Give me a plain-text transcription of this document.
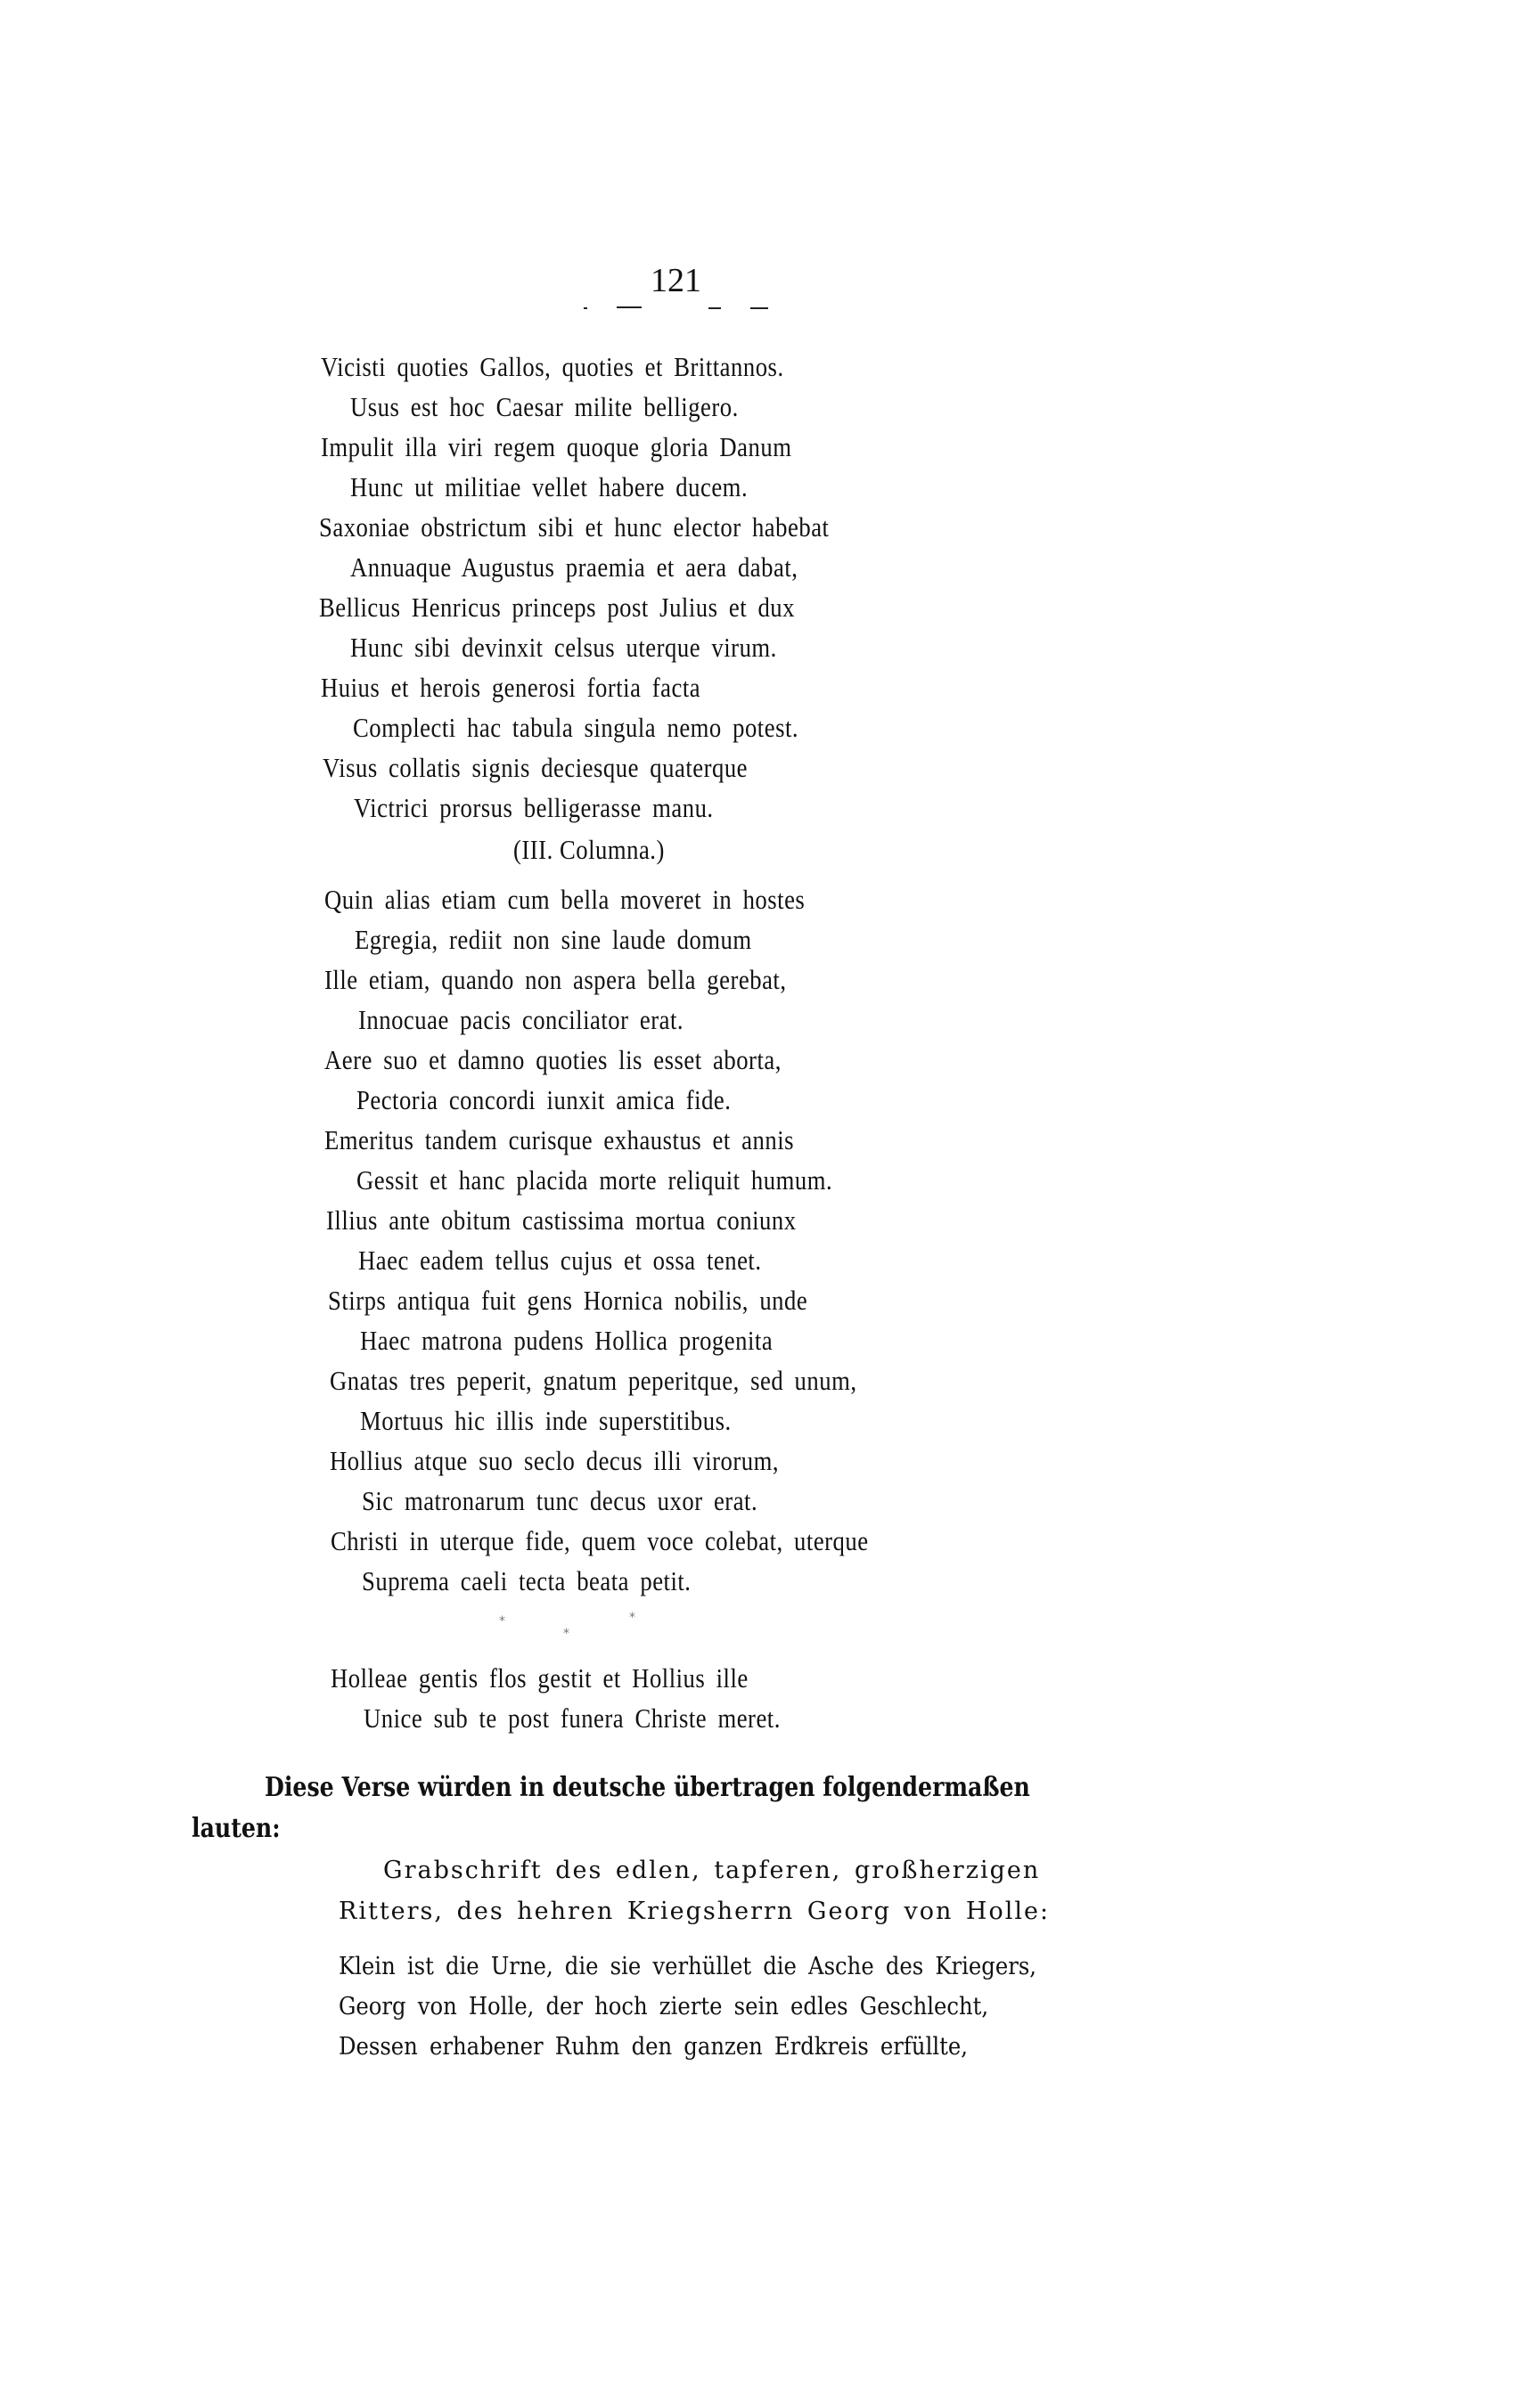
121
Vicisti quoties Gallos, quoties et Brittannos.
Usus est hoc Caesar milite belligero.
Impulit illa viri regem quoque gloria Danum
Hunc ut militiae vellet habere ducem.
Saxoniae obstrictum sibi et hunc elector habebat
Annuaque Augustus praemia et aera dabat,
Bellicus Henricus princeps post Julius et dux
Hunc sibi devinxit celsus uterque virum.
Huius et herois generosi fortia facta
Complecti hac tabula singula nemo potest.
Visus collatis signis deciesque quaterque
Victrici prorsus belligerasse manu.
(III. Columna.)
Quin alias etiam cum bella moveret in hostes
Egregia, rediit non sine laude domum
Ille etiam, quando non aspera bella gerebat,
Innocuae pacis conciliator erat.
Aere suo et damno quoties lis esset aborta,
Pectoria concordi iunxit amica fide.
Emeritus tandem curisque exhaustus et annis
Gessit et hanc placida morte reliquit humum.
Illius ante obitum castissima mortua coniunx
Haec eadem tellus cujus et ossa tenet.
Stirps antiqua fuit gens Hornica nobilis, unde
Haec matrona pudens Hollica progenita
Gnatas tres peperit, gnatum peperitque, sed unum,
Mortuus hic illis inde superstitibus.
Hollius atque suo seclo decus illi virorum,
Sic matronarum tunc decus uxor erat.
Christi in uterque fide, quem voce colebat, uterque
Suprema caeli tecta beata petit.
*
*
*
Holleae gentis flos gestit et Hollius ille
Unice sub te post funera Christe meret.
Diese Verse würden in deutsche übertragen folgendermaßen
lauten:
Grabschrift des edlen, tapferen, großherzigen
Ritters, des hehren Kriegsherrn Georg von Holle:
Klein ist die Urne, die sie verhüllet die Asche des Kriegers,
Georg von Holle, der hoch zierte sein edles Geschlecht,
Dessen erhabener Ruhm den ganzen Erdkreis erfüllte,
